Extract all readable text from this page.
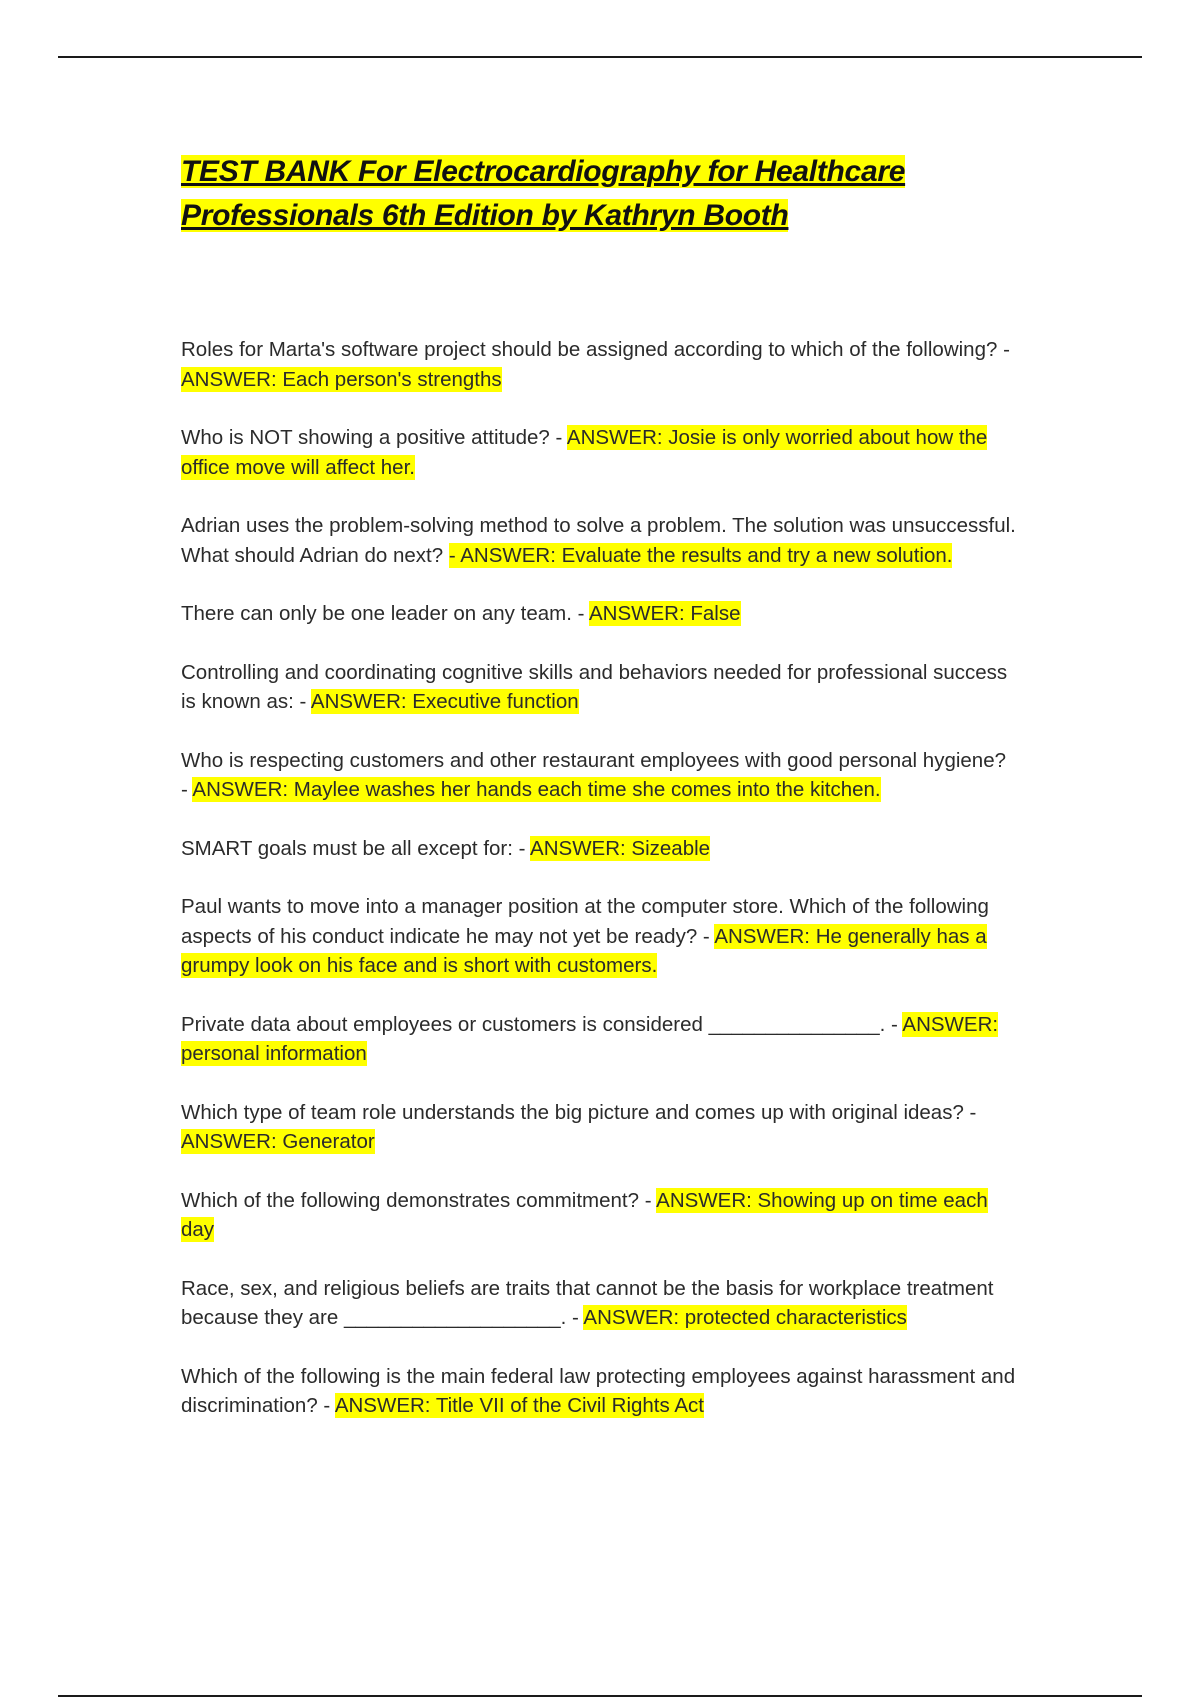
TEST BANK For Electrocardiography for Healthcare Professionals 6th Edition by Kathryn Booth

Roles for Marta's software project should be assigned according to which of the following? - ANSWER: Each person's strengths

Who is NOT showing a positive attitude? - ANSWER: Josie is only worried about how the office move will affect her.

Adrian uses the problem-solving method to solve a problem. The solution was unsuccessful. What should Adrian do next? - ANSWER: Evaluate the results and try a new solution.

There can only be one leader on any team. - ANSWER: False

Controlling and coordinating cognitive skills and behaviors needed for professional success is known as: - ANSWER: Executive function

Who is respecting customers and other restaurant employees with good personal hygiene? - ANSWER: Maylee washes her hands each time she comes into the kitchen.

SMART goals must be all except for: - ANSWER: Sizeable

Paul wants to move into a manager position at the computer store. Which of the following aspects of his conduct indicate he may not yet be ready? - ANSWER: He generally has a grumpy look on his face and is short with customers.

Private data about employees or customers is considered _______________. - ANSWER: personal information

Which type of team role understands the big picture and comes up with original ideas? - ANSWER: Generator

Which of the following demonstrates commitment? - ANSWER: Showing up on time each day

Race, sex, and religious beliefs are traits that cannot be the basis for workplace treatment because they are ___________________. - ANSWER: protected characteristics

Which of the following is the main federal law protecting employees against harassment and discrimination? - ANSWER: Title VII of the Civil Rights Act
